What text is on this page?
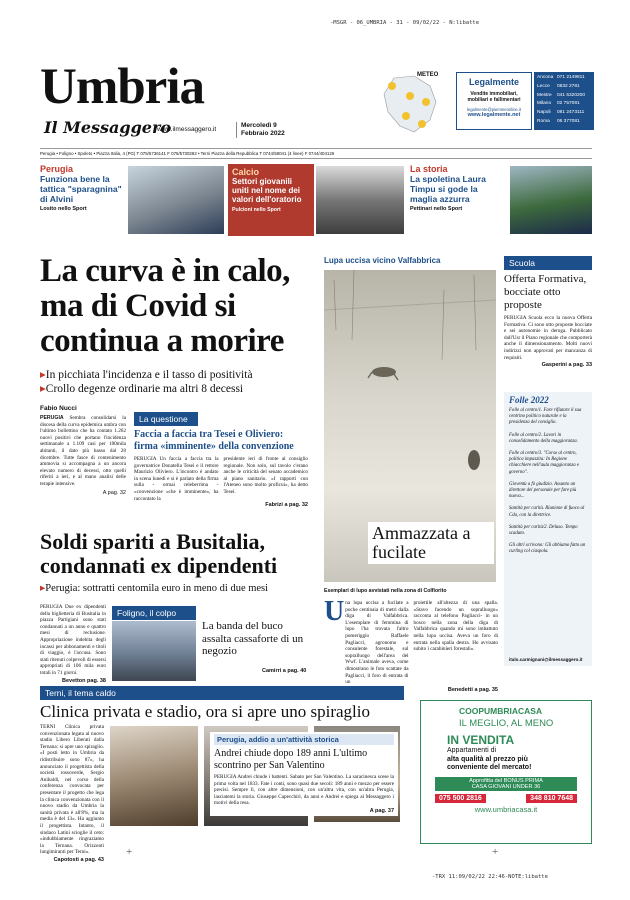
-MSGR - 06_UMBRIA - 31 - 09/02/22 - N:libatte
Umbria
Il Messaggero
www.ilmessaggero.it
Mercoledì 9
Febbraio 2022
METEO
Legalmente
Vendite immobiliari, mobiliari e fallimentari
legalmente@piemmeonline.it
www.legalmente.net
Ancona 071 2149811
Lecce 0832 2781
Mestre 041 5320200
Milano 02 757091
Napoli 081 2473111
Roma 06 377081
Perugia • Foligno • Spoleto • Piazza Italia, 4 (PG) T 075/5736141 F 075/5730282 • Terni Piazza della Repubblica T 0744/58041 (4 linee) F 0744/404126
Perugia
Funziona bene la tattica "sparagnina" di Alvini
Losito nello Sport
Calcio
Settori giovanili uniti nel nome dei valori dell'oratorio
Pulcioni nello Sport
La storia
La spoletina Laura Timpu si gode la maglia azzurra
Pettinari nello Sport
La curva è in calo, ma di Covid si continua a morire
▸In picchiata l'incidenza e il tasso di positività
▸Crollo degenze ordinarie ma altri 8 decessi
Fabio Nucci

PERUGIA Sembra consolidarsi la discesa della curva epidemica umbra con l'ultimo bollettino che ha contato 1.262 nuovi positivi che portano l'incidenza settimanale a 1.109 casi per 100mila abitanti, il dato più basso dal 28 dicembre. Tutte fasce di contenimento ammovia si accompagna a un ancora elevato numero di decessi, otto quelli riferiti a ieri, e al mano analisi delle terapie intensive.

A pag. 32
La questione
Faccia a faccia tra Tesei e Oliviero: firma «imminente» della convenzione

PERUGIA Un faccia a faccia tra la governatrice Donatella Tesei e il rettore Maurizio Oliviero. L'incontro è andato in scena lunedì e si è parlato della firma sulla - ormai celeberrima - «convenzione «che è imminente», ha raccontato la

presidente ieri di fronte al consiglio regionale. Non solo, sul tavolo c'erano anche le criticità del senato accademico al piano sanitario. «I rapporti con l'Ateneo sono molto proficui», ha detto Tesei.

Fabrizi a pag. 32
Lupa uccisa vicino Valfabbrica
Ammazzata a fucilate
Esemplari di lupo avvistati nella zona di Colfiorito
U na lupa uccisa a fucilate a poche centinaia di metri dalla diga di Valfabbrica. L'esemplare di femmina di lupo l'ha trovata l'altro pomeriggio Raffaele Pagliacci, agronomo e consulente forestale, sul sopralluogo dell'area del Wwf. L'animale aveva, come dimostrano le foto scattate da Pagliacci, il foro di entrata di un

proiettile all'altezza di una spalla. «Stavo facendo un sopralluogo» racconta al telefono Pagliacci- in un bosco nella zona della diga di Valfabbrica quando mi sono imbattuto nella lupa uccisa. Aveva un foro di entrata nella spalla destra. Ho avvisato subito i carabinieri forestali».

Benedetti a pag. 35
Scuola
Offerta Formativa, bocciate otto proposte

PERUGIA Scuola ecco la nuova Offerta Formativa. Ci sono otto proposte bocciate e sei autonomie in deroga. Pubblicato dall'Usr il Piano regionale che comporterà anche il dimensionamento. Molti nuovi indirizzi non approvati per mancanza di requisiti.

Gasperini a pag. 33
Folle 2022

Folle al centro/1. Fare rifiutare il sua centrino politico naturale e la presidenza del consiglio.

Folle al centro/2. Lavori in consolidamento della maggioranza.

Folle al centro/3. "Corso al centro, politica impazzita: In Regione chiacchiere nell'aula maggioranza e governo".

Gioventù a fò giudizio. Assunto un direttore del personale per fare più nuova...

Santità per carità. Riunione di fuoco al Cda, con la direttrice.

Santità per carità/2. Deluso. Tempo scaduto.

Gli altri scrivono: Gli abbiamo fatto un curling col ciaspola.

italo.carmignani@ilmessaggero.it
Soldi spariti a Busitalia, condannati ex dipendenti
▸Perugia: sottratti centomila euro in meno di due mesi

PERUGIA Due ex dipendenti della biglietteria di Busitalia in piazza Partigiani sono stati condannati a un anno e quattro mesi di reclusione. Appropriazione indebita degli incassi per abbonamenti e titoli di viaggio, è l'accusa. Sono stati ritenuti colpevoli di essersi appropriati di 106 mila euro totali in 71 giorni.

Bevetton pag. 38
Foligno, il colpo
La banda del buco assalta cassaforte di un negozio
Camirri a pag. 40
Terni, il tema caldo
Clinica privata e stadio, ora si apre uno spiraglio

TERNI Clinica privata convenzionata legata al nuovo stadio Libero Liberati dalla Ternana: si apre uno spiraglio. «I posti letto in Umbria da ridistribuire sono 87», ha annunciato il progettista della società rossoverde, Sergio Anibaldi, nel corso della conferenza convocata per presentare il progetto che lega la clinica convenzionata con il nuovo stadio da Umbria la sanità privata è all'8%, ma la media è del 13». Ha aggiunto il progettista. Intanto, il sindaco Latini scioglie il ceto: «indubbiamente ringraziamo la Ternana. Orizzonti lungimiranti per Terni».

Capotosti a pag. 43
Perugia, addio a un'attività storica
Andrei chiude dopo 189 anni L'ultimo scontrino per San Valentino

PERUGIA Andrei chiude i battenti. Sabato per San Valentino. La saracinesca scese la prima volta nel 1833. Fate i conti, sono quasi due secoli: 189 anni e mezzo per essere precisi. Sempre lì, con altre dimensioni, con un'altra vita, con un'altra Perugia, lasciatemi la storia. Giuseppe Capecchiri, da anni e Andrei e spiega al Messaggero i motivi della resa.

A pag. 37
COOPUMBRIACASA
IL MEGLIO, AL MENO
IN VENDITA
Appartamenti di
alta qualità al prezzo più
conveniente del mercato!
Approfitta del BONUS PRIMA
CASA GIOVANI UNDER 36
075 500 2816	348 810 7648
www.umbriacasa.it
+	+
-TRX 11:09/02/22 22:46-NOTE:libatte
